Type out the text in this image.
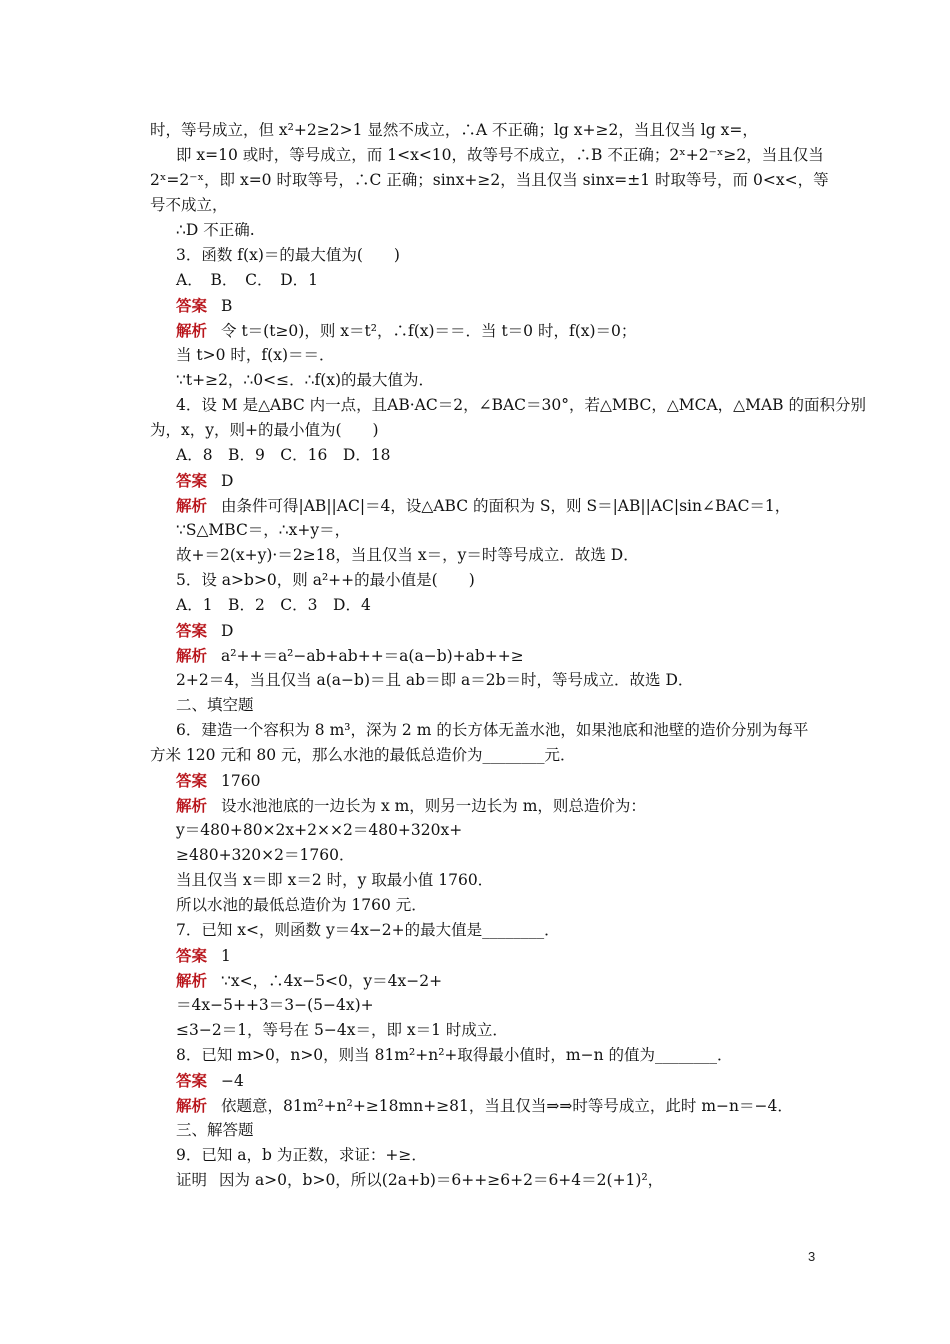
时，等号成立，但 x²+2≥2>1 显然不成立，∴A 不正确；lg x+≥2，当且仅当 lg x=，
即 x=10 或时，等号成立，而 1<x<10，故等号不成立，∴B 不正确；2ˣ+2⁻ˣ≥2，当且仅当
2ˣ=2⁻ˣ，即 x=0 时取等号，∴C 正确；sinx+≥2，当且仅当 sinx=±1 时取等号，而 0<x<，等
号不成立，
∴D 不正确.
3．函数 f(x)＝的最大值为(　　)
A．　B．　C．　D．1
答案 B
解析 令 t＝(t≥0)，则 x＝t²，∴f(x)＝＝．当 t＝0 时，f(x)＝0；
当 t>0 时，f(x)＝＝．
∵t+≥2，∴0<≤．∴f(x)的最大值为．
4．设 M 是△ABC 内一点，且AB·AC＝2，∠BAC＝30°，若△MBC，△MCA，△MAB 的面积分别
为，x，y，则+的最小值为(　　)
A．8　B．9　C．16　D．18
答案 D
解析 由条件可得|AB||AC|＝4，设△ABC 的面积为 S，则 S＝|AB||AC|sin∠BAC＝1，
∵S△MBC＝，∴x+y＝，
故+＝2(x+y)·＝2≥18，当且仅当 x＝，y＝时等号成立．故选 D．
5．设 a>b>0，则 a²++的最小值是(　　)
A．1　B．2　C．3　D．4
答案 D
解析 a²++＝a²−ab+ab++＝a(a−b)+ab++≥
2+2＝4，当且仅当 a(a−b)＝且 ab＝即 a＝2b＝时，等号成立．故选 D．
二、填空题
6．建造一个容积为 8 m³，深为 2 m 的长方体无盖水池，如果池底和池壁的造价分别为每平
方米 120 元和 80 元，那么水池的最低总造价为________元．
答案 1760
解析 设水池池底的一边长为 x m，则另一边长为 m，则总造价为：
y＝480+80×2x+2××2＝480+320x+
≥480+320×2＝1760．
当且仅当 x＝即 x＝2 时，y 取最小值 1760．
所以水池的最低总造价为 1760 元．
7．已知 x<，则函数 y＝4x−2+的最大值是________．
答案 1
解析 ∵x<，∴4x−5<0，y＝4x−2+
＝4x−5++3＝3−(5−4x)+
≤3−2＝1，等号在 5−4x＝，即 x＝1 时成立．
8．已知 m>0，n>0，则当 81m²+n²+取得最小值时，m−n 的值为________．
答案 −4
解析 依题意，81m²+n²+≥18mn+≥81，当且仅当⇒⇒时等号成立，此时 m−n＝−4．
三、解答题
9．已知 a，b 为正数，求证：+≥．
证明 因为 a>0，b>0，所以(2a+b)＝6++≥6+2＝6+4＝2(+1)²，
3
